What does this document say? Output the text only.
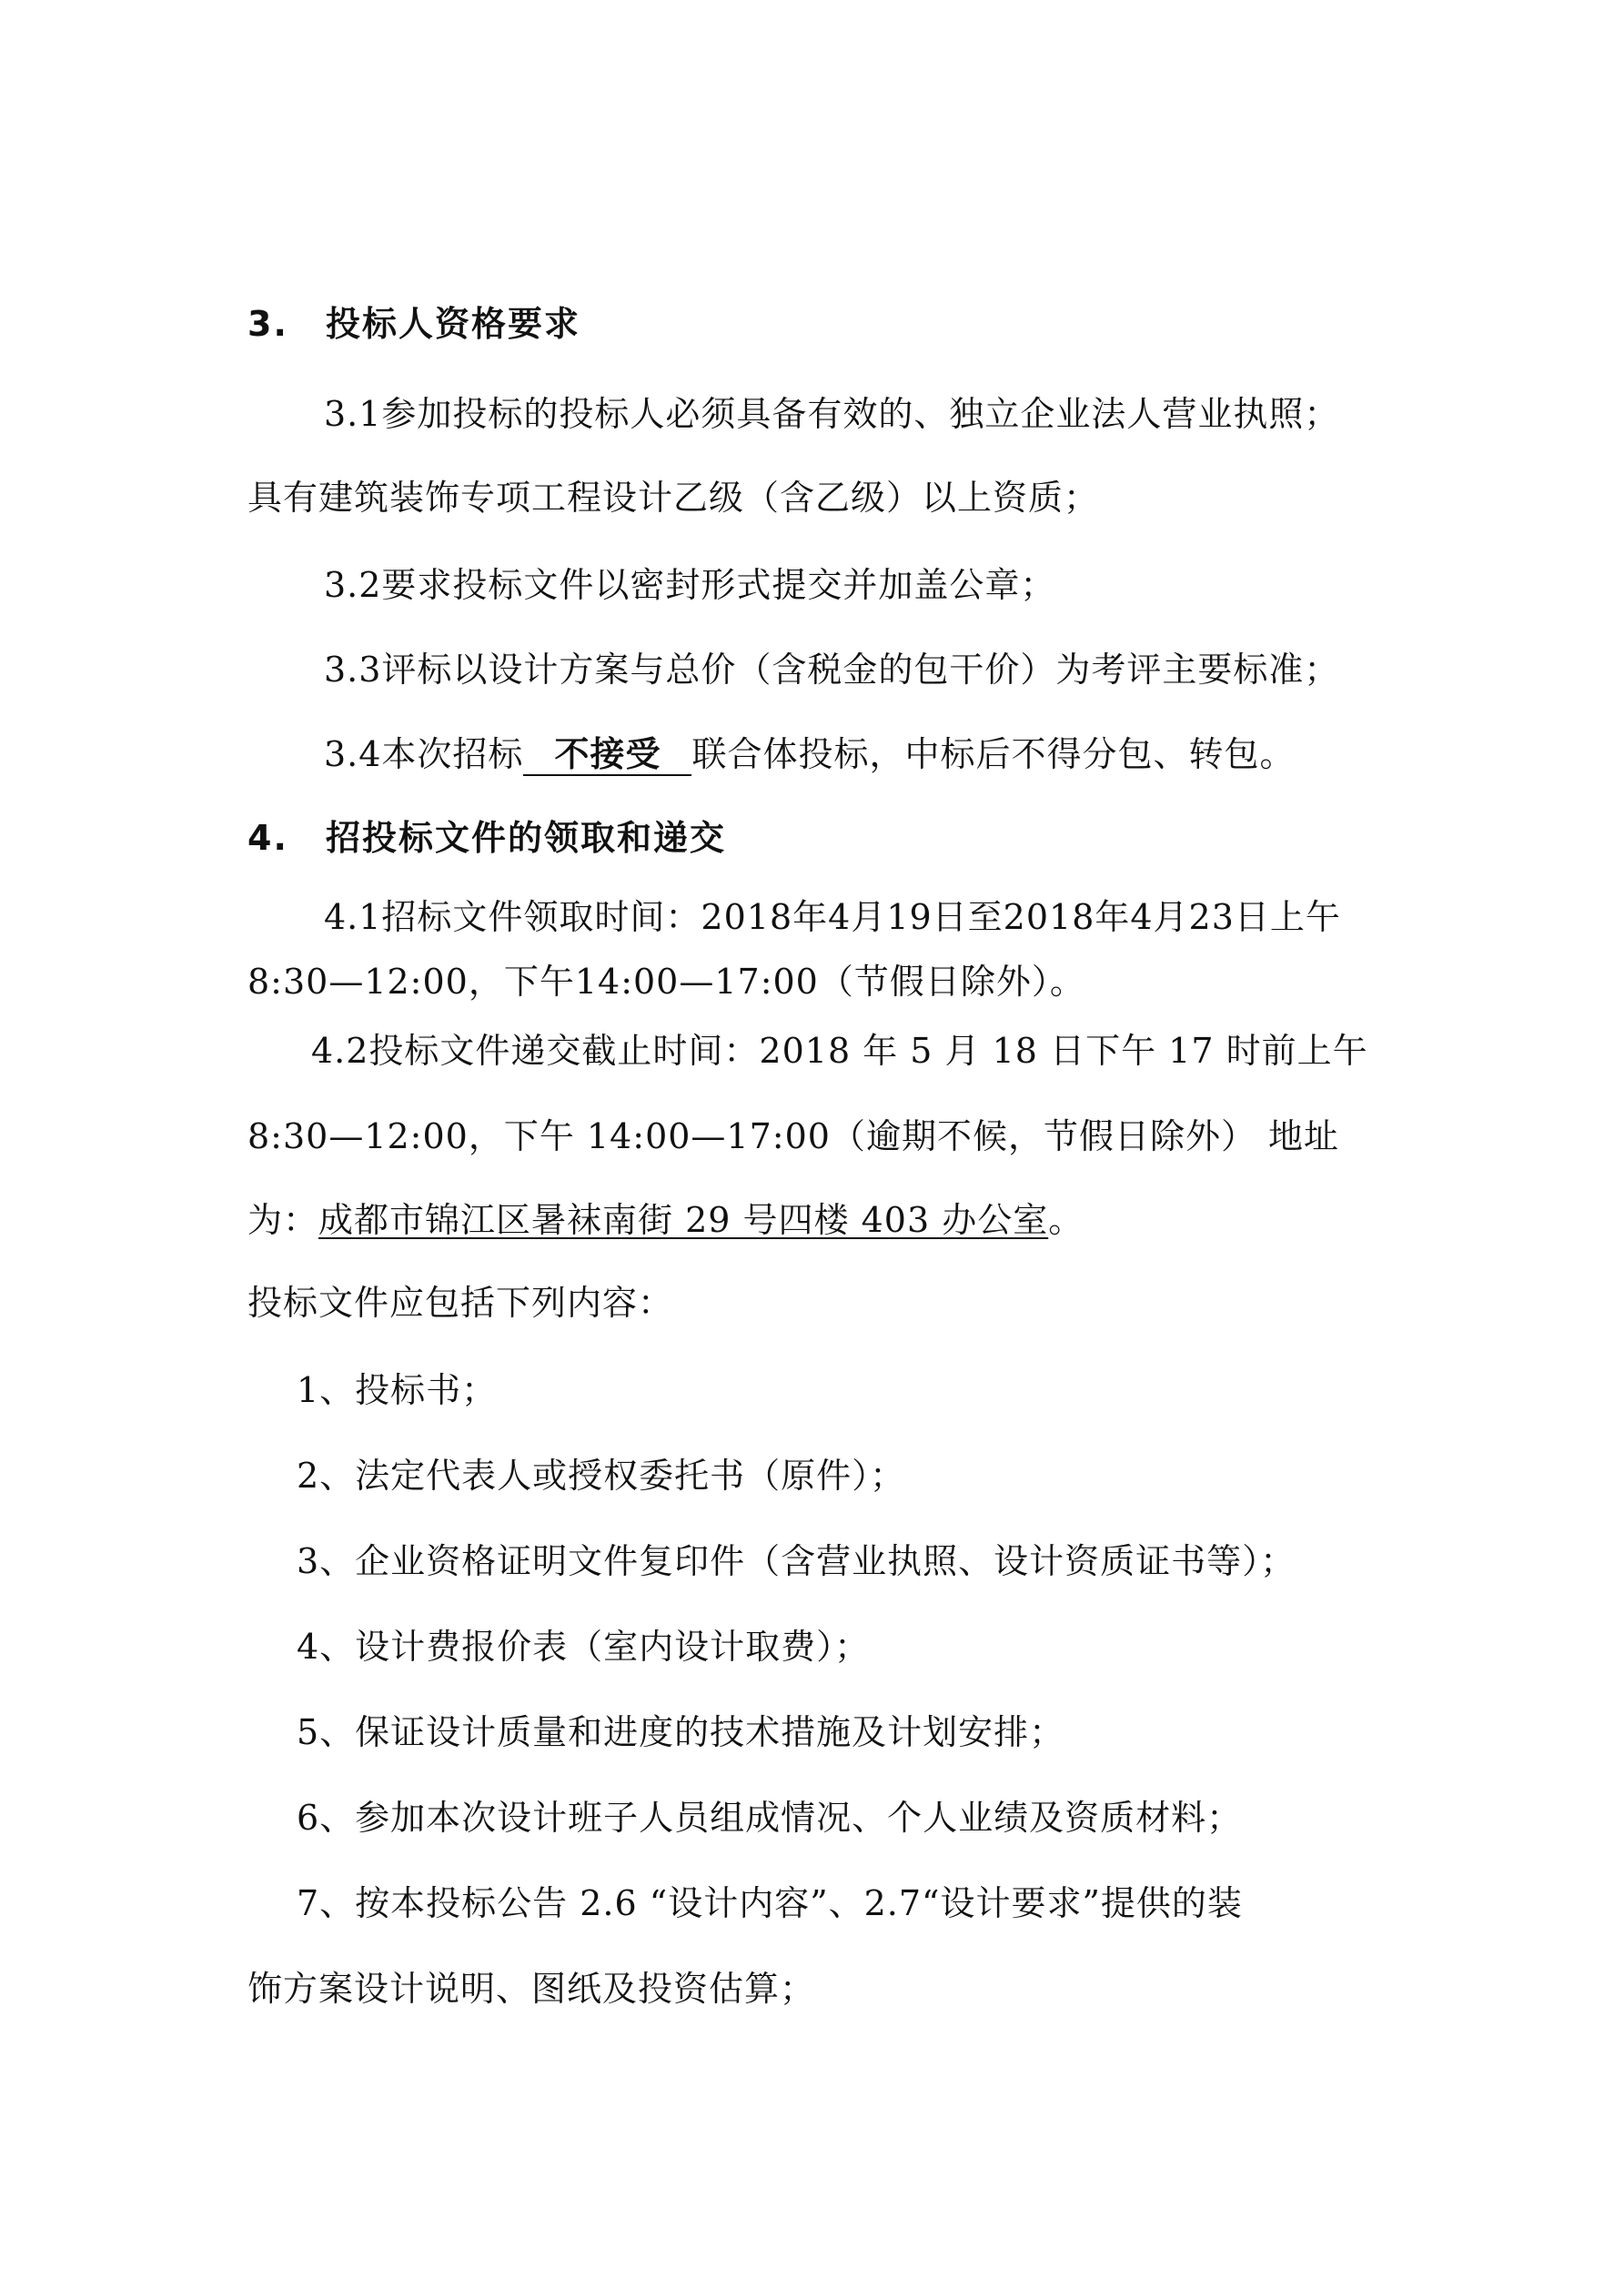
3. 投标人资格要求
3.1参加投标的投标人必须具备有效的、独立企业法人营业执照；
具有建筑装饰专项工程设计乙级（含乙级）以上资质；
3.2要求投标文件以密封形式提交并加盖公章；
3.3评标以设计方案与总价（含税金的包干价）为考评主要标准；
3.4本次招标 不接受 联合体投标，中标后不得分包、转包。
4. 招投标文件的领取和递交
4.1招标文件领取时间：2018年4月19日至2018年4月23日上午
8:30—12:00，下午14:00—17:00（节假日除外）。
4.2投标文件递交截止时间：2018 年 5 月 18 日下午 17 时前上午
8:30—12:00，下午 14:00—17:00（逾期不候，节假日除外） 地址
为：成都市锦江区暑袜南街 29 号四楼 403 办公室。
投标文件应包括下列内容：
1、投标书；
2、法定代表人或授权委托书（原件）；
3、企业资格证明文件复印件（含营业执照、设计资质证书等）；
4、设计费报价表（室内设计取费）；
5、保证设计质量和进度的技术措施及计划安排；
6、参加本次设计班子人员组成情况、个人业绩及资质材料；
7、按本投标公告 2.6 “设计内容”、2.7“设计要求”提供的装
饰方案设计说明、图纸及投资估算；
